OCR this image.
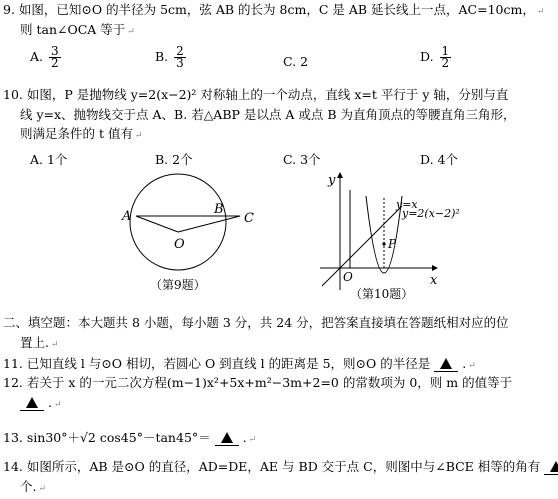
9. 如图，已知⊙O 的半径为 5cm，弦 AB 的长为 8cm，C 是 AB 延长线上一点，AC=10cm， ↵
则 tan∠OCA 等于 ↵
A. $\frac{3}{2}$	B. $\frac{2}{3}$	C. 2	D. $\frac{1}{2}$
10. 如图，P 是抛物线 y=2(x−2)² 对称轴上的一个动点，直线 x=t 平行于 y 轴，分别与直
线 y=x、抛物线交于点 A、B. 若△ABP 是以点 A 或点 B 为直角顶点的等腰直角三角形，
则满足条件的 t 值有 ↵
A. 1个	B. 2个	C. 3个	D. 4个
A	B
C
O
（第9题）
y
x
O
P
y=x
y=2(x−2)²
（第10题）
二、填空题：本大题共 8 小题，每小题 3 分，共 24 分，把答案直接填在答题纸相对应的位
置上. ↵
11. 已知直线 l 与⊙O 相切，若圆心 O 到直线 l 的距离是 5，则⊙O 的半径是	. ↵
12. 若关于 x 的一元二次方程(m−1)x²+5x+m²−3m+2=0 的常数项为 0，则 m 的值等于
. ↵
13. sin30°＋√2 cos45°－tan45°＝	. ↵
14. 如图所示，AB 是⊙O 的直径，AD=DE，AE 与 BD 交于点 C，则图中与∠BCE 相等的角有
个. ↵
